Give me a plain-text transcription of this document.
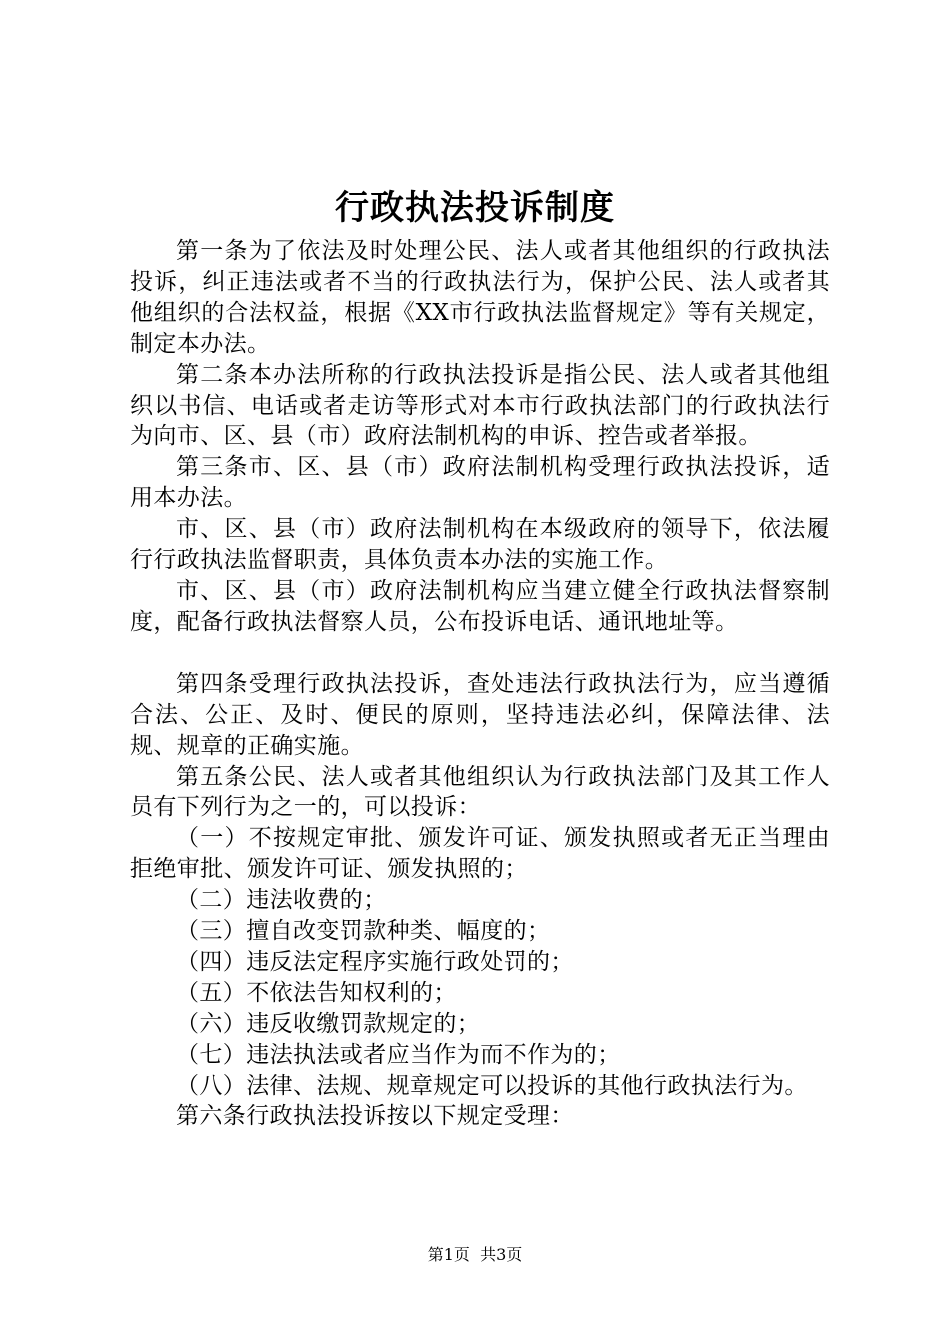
行政执法投诉制度

第一条为了依法及时处理公民、法人或者其他组织的行政执法投诉，纠正违法或者不当的行政执法行为，保护公民、法人或者其他组织的合法权益，根据《XX市行政执法监督规定》等有关规定，制定本办法。

第二条本办法所称的行政执法投诉是指公民、法人或者其他组织以书信、电话或者走访等形式对本市行政执法部门的行政执法行为向市、区、县（市）政府法制机构的申诉、控告或者举报。

第三条市、区、县（市）政府法制机构受理行政执法投诉，适用本办法。

市、区、县（市）政府法制机构在本级政府的领导下，依法履行行政执法监督职责，具体负责本办法的实施工作。

市、区、县（市）政府法制机构应当建立健全行政执法督察制度，配备行政执法督察人员，公布投诉电话、通讯地址等。

第四条受理行政执法投诉，查处违法行政执法行为，应当遵循合法、公正、及时、便民的原则，坚持违法必纠，保障法律、法规、规章的正确实施。

第五条公民、法人或者其他组织认为行政执法部门及其工作人员有下列行为之一的，可以投诉：

（一）不按规定审批、颁发许可证、颁发执照或者无正当理由拒绝审批、颁发许可证、颁发执照的；

（二）违法收费的；

（三）擅自改变罚款种类、幅度的；

（四）违反法定程序实施行政处罚的；

（五）不依法告知权利的；

（六）违反收缴罚款规定的；

（七）违法执法或者应当作为而不作为的；

（八）法律、法规、规章规定可以投诉的其他行政执法行为。

第六条行政执法投诉按以下规定受理：

第1页 共3页
